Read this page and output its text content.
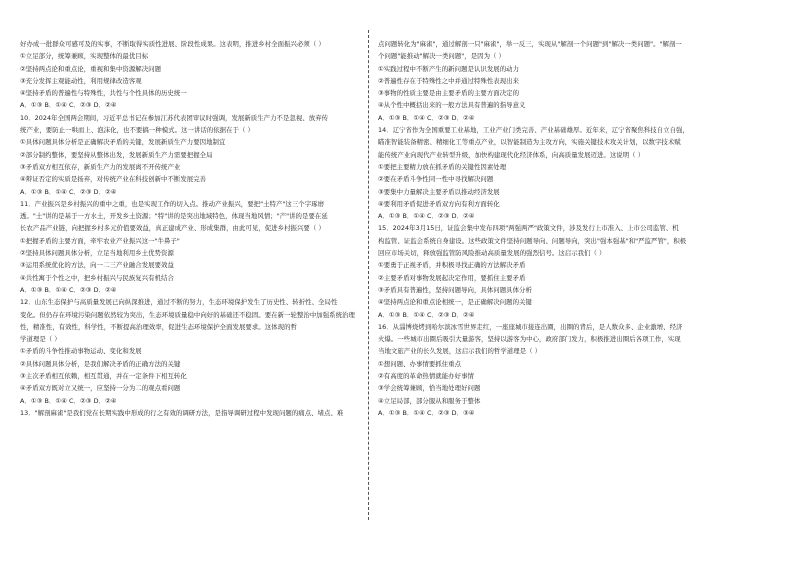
好办成一批群众可感可及的实事，不断取得实质性进展、阶段性成果。这表明，推进乡村全面振兴必须（ ）
①立足部分，统筹兼顾，实现整体的最优目标
②坚持两点论和重点论，重视和集中资源解决问题
③充分发挥主观能动性，利用规律改造客观
④坚持矛盾的普遍性与特殊性，共性与个性具体的历史统一
A．①③ B．①④ C．②③ D．②④
10．2024年全国两会期间，习近平总书记在参加江苏代表团审议时强调，发展新质生产力不是忽视、放弃传
统产业，要防止一哄而上、泡沫化，也不要搞一种模式。这一讲话的依据在于（ ）
①具体问题具体分析是正确解决矛盾的关键，发展新质生产力要因地制宜
②部分制约整体，要坚持从整体出发，发展新质生产力需要把握全局
③矛盾双方相互依存，新质生产力的发展离不开传统产业
④辩证否定的实质是扬弃，对传统产业在科技创新中不断发展完善
A．①③ B．①④ C．②③ D．②④
11．产业振兴是乡村振兴的重中之重，也是实现工作的切入点。推动产业振兴，要把"土特产"这三个字琢磨
透。"土"讲的是基于一方水土，开发乡土资源；"特"讲的是突出地域特色，体现当地风情；"产"讲的是要在延
长农产品产业链，向把握乡村多元价值要效益，真正建成产业、形成集群，由此可见，促进乡村振兴要（ ）
①把握矛盾的主要方面，牵牢农业产业振兴这一"牛鼻子"
②坚持具体问题具体分析，立足当地利用乡土优势资源
③运用系统优化的方法，向一二三产业融合发展要效益
④共性寓于个性之中，把乡村振兴与民族复兴有机结合
A．①③ B．①④ C．②③ D．②④
12．山东生态保护与高质量发展已向纵深推进，通过不断的努力，生态环境保护发生了历史性、转折性、全局性
变化。但仍存在环境污染问题依然较为突出，生态环境质量稳中向好的基础还不稳固。要在新一轮整治中加强系统治理
性，精准性，有效性，科学性，不断提高治理效率，促进生态环境保护全面发展要求。这体现的哲
学道理是（ ）
①矛盾的斗争性推动事物运动、变化和发展
②具体问题具体分析，是我们解决矛盾的正确方法的关键
③主次矛盾相互依赖，相互贯通，并在一定条件下相互转化
④矛盾双方既对立又统一，应坚持一分为二的观点看问题
A．①③ B．①④ C．②③ D．②④
13．"解剖麻雀"是我们党在长期实践中形成的行之有效的调研方法，是指导调研过程中发现问题的痛点、堵点、难
点问题转化为"麻雀"，通过解剖一只"麻雀"，举一反三，实现从"解剖一个问题"到"解决一类问题"。"解剖一
个问题"能推动"解决一类问题"，是因为（ ）
①实践过程中不断产生的新问题是认识发展的动力
②普遍性存在于特殊性之中并通过特殊性表现出来
③事物的性质主要是由主要矛盾的主要方面决定的
④从个性中概括出来的一般方法具有普遍的指导意义
A．①③ B．①④ C．②③ D．②④
14．辽宁省作为全国重要工业基地，工业产业门类完善、产业基础雄厚。近年来，辽宁省聚焦科技自立自强，
瞄准智能装备精密、精细化工等重点产业，以智能制造为主攻方向，实施关键技术攻关计划，以数字技术赋
能传统产业向现代产业转型升级，加快构建现代化经济体系，向高质量发展迈进。这说明（ ）
①要把主要精力放在抓矛盾的关键性因素处理
②要在矛盾斗争性同一性中寻找解决问题
③要集中力量解决主要矛盾以推动经济发展
④要利用矛盾促进矛盾双方向有利方面转化
A．①③ B．①④ C．②③ D．②④
15．2024年3月15日，证监会集中发布四项"两强两严"政策文件，涉及发行上市准入、上市公司监管、机
构监管、证监会系统自身建设。这些政策文件坚持问题导向、问题导向，突出"强本强基"和"严监严管"，积极
回应市场关切，释放强监管防风险推动高质量发展的强烈信号。这启示我们（ ）
①要勇于正视矛盾，并积极寻找正确的方法解决矛盾
②主要矛盾对事物发展起决定作用，要抓住主要矛盾
③矛盾具有普遍性，坚持问题导向，具体问题具体分析
④坚持两点论和重点论相统一，是正确解决问题的关键
A．①③ B．①④ C．②③ D．②④
16．从淄博烧烤到哈尔滨冰雪世界走红，一座座城市接连出圈，出圈的背后，是人数众多、企业激增、经济
火爆。一些城市出圈后吸引大量游客，坚持以游客为中心，政府部门发力，积极推进出圈后各项工作，实现
当地文旅产业的长久发展，这启示我们的哲学道理是（ ）
①想问题、办事情要抓住重点
②有高度的革命热情就能办好事情
③学会统筹兼顾，恰当地处理好问题
④立足局部，部分服从和服务于整体
A．①③ B．①④ C．②③ D．③④
